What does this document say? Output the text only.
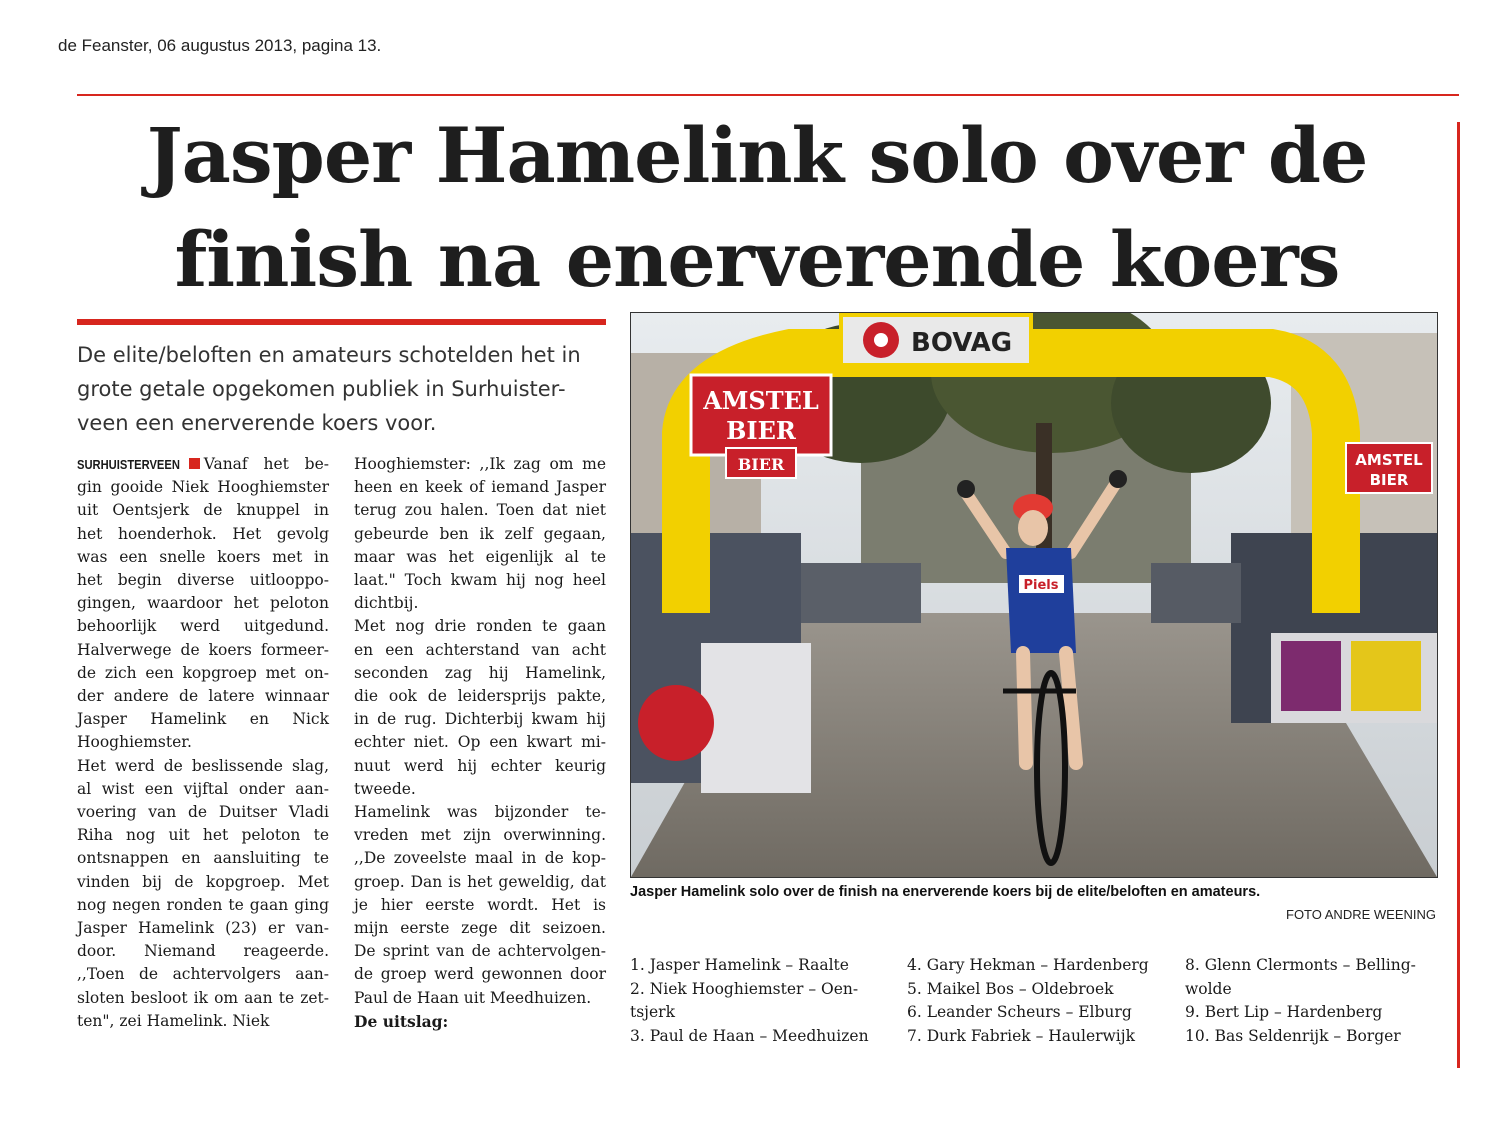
de Feanster, 06 augustus 2013, pagina 13.
Jasper Hamelink solo over de
finish na enerverende koers
De elite/beloften en amateurs schotelden het in
grote getale opgekomen publiek in Surhuister-
veen een enerverende koers voor.
SURHUISTERVEEN Vanaf het be-
gin gooide Niek Hooghiemster
uit Oentsjerk de knuppel in
het hoenderhok. Het gevolg
was een snelle koers met in
het begin diverse uitlooppo-
gingen, waardoor het peloton
behoorlijk werd uitgedund.
Halverwege de koers formeer-
de zich een kopgroep met on-
der andere de latere winnaar
Jasper Hamelink en Nick
Hooghiemster.
Het werd de beslissende slag,
al wist een vijftal onder aan-
voering van de Duitser Vladi
Riha nog uit het peloton te
ontsnappen en aansluiting te
vinden bij de kopgroep. Met
nog negen ronden te gaan ging
Jasper Hamelink (23) er van-
door. Niemand reageerde.
,,Toen de achtervolgers aan-
sloten besloot ik om aan te zet-
ten", zei Hamelink. Niek
Hooghiemster: ,,Ik zag om me
heen en keek of iemand Jasper
terug zou halen. Toen dat niet
gebeurde ben ik zelf gegaan,
maar was het eigenlijk al te
laat." Toch kwam hij nog heel
dichtbij.
Met nog drie ronden te gaan
en een achterstand van acht
seconden zag hij Hamelink,
die ook de leidersprijs pakte,
in de rug. Dichterbij kwam hij
echter niet. Op een kwart mi-
nuut werd hij echter keurig
tweede.
Hamelink was bijzonder te-
vreden met zijn overwinning.
,,De zoveelste maal in de kop-
groep. Dan is het geweldig, dat
je hier eerste wordt. Het is
mijn eerste zege dit seizoen.
De sprint van de achtervolgen-
de groep werd gewonnen door
Paul de Haan uit Meedhuizen.
De uitslag:
BOVAG
AMSTEL
BIER
BIER	AMSTEL
BIER
Piels
Jasper Hamelink solo over de finish na enerverende koers bij de elite/beloften en amateurs.
FOTO ANDRE WEENING
1. Jasper Hamelink – Raalte
2. Niek Hooghiemster – Oen-
tsjerk
3. Paul de Haan – Meedhuizen
4. Gary Hekman – Hardenberg
5. Maikel Bos – Oldebroek
6. Leander Scheurs – Elburg
7. Durk Fabriek – Haulerwijk
8. Glenn Clermonts – Belling-
wolde
9. Bert Lip – Hardenberg
10. Bas Seldenrijk – Borger
